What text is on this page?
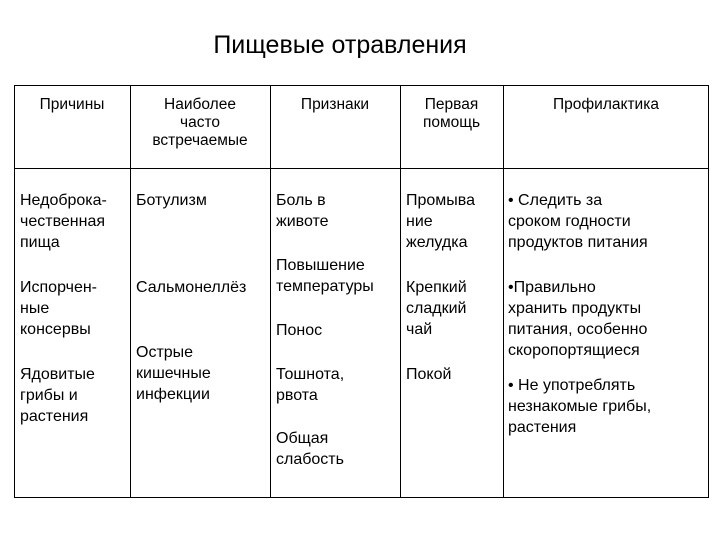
Пищевые отравления
Причины	Наиболее
часто
встречаемые
Признаки	Первая
помощь
Профилактика
Недоброка-
чественная
пища
Испорчен-
ные
консервы
Ядовитые
грибы и
растения
Ботулизм
Сальмонеллёз
Острые
кишечные
инфекции
Боль в
животе
Повышение
температуры
Понос
Тошнота,
рвота
Общая
слабость
Промыва
ние
желудка
Крепкий
сладкий
чай
Покой
• Следить за
сроком годности
продуктов питания
•Правильно
хранить продукты
питания, особенно
скоропортящиеся
• Не употреблять
незнакомые грибы,
растения
